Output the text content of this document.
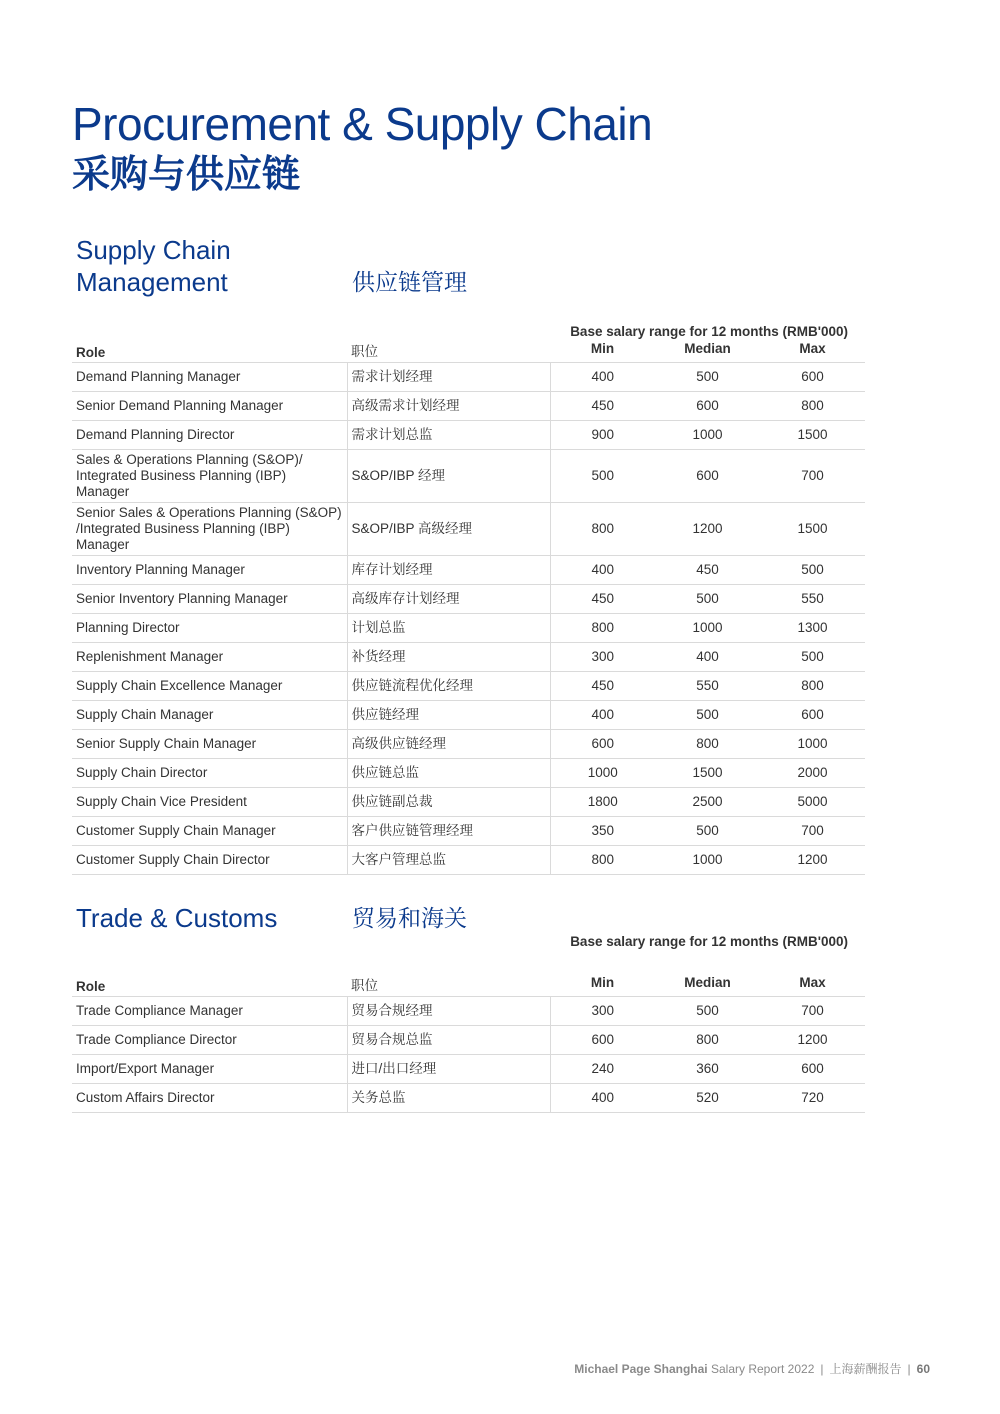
Procurement & Supply Chain
采购与供应链
Supply Chain Management	供应链管理
Base salary range for 12 months (RMB'000)
Role	职位	Min	Median	Max
Demand Planning Manager	需求计划经理	400	500	600
Senior Demand Planning Manager	高级需求计划经理	450	600	800
Demand Planning Director	需求计划总监	900	1000	1500
Sales & Operations Planning (S&OP)/ Integrated Business Planning (IBP) Manager	S&OP/IBP 经理	500	600	700
Senior Sales & Operations Planning (S&OP) /Integrated Business Planning (IBP) Manager	S&OP/IBP 高级经理	800	1200	1500
Inventory Planning Manager	库存计划经理	400	450	500
Senior Inventory Planning Manager	高级库存计划经理	450	500	550
Planning Director	计划总监	800	1000	1300
Replenishment Manager	补货经理	300	400	500
Supply Chain Excellence Manager	供应链流程优化经理	450	550	800
Supply Chain Manager	供应链经理	400	500	600
Senior Supply Chain Manager	高级供应链经理	600	800	1000
Supply Chain Director	供应链总监	1000	1500	2000
Supply Chain Vice President	供应链副总裁	1800	2500	5000
Customer Supply Chain Manager	客户供应链管理经理	350	500	700
Customer Supply Chain Director	大客户管理总监	800	1000	1200
Trade & Customs	贸易和海关
Base salary range for 12 months (RMB'000)
Role	职位	Min	Median	Max
Trade Compliance Manager	贸易合规经理	300	500	700
Trade Compliance Director	贸易合规总监	600	800	1200
Import/Export Manager	进口/出口经理	240	360	600
Custom Affairs Director	关务总监	400	520	720
Michael Page Shanghai Salary Report 2022 | 上海薪酬报告 | 60
